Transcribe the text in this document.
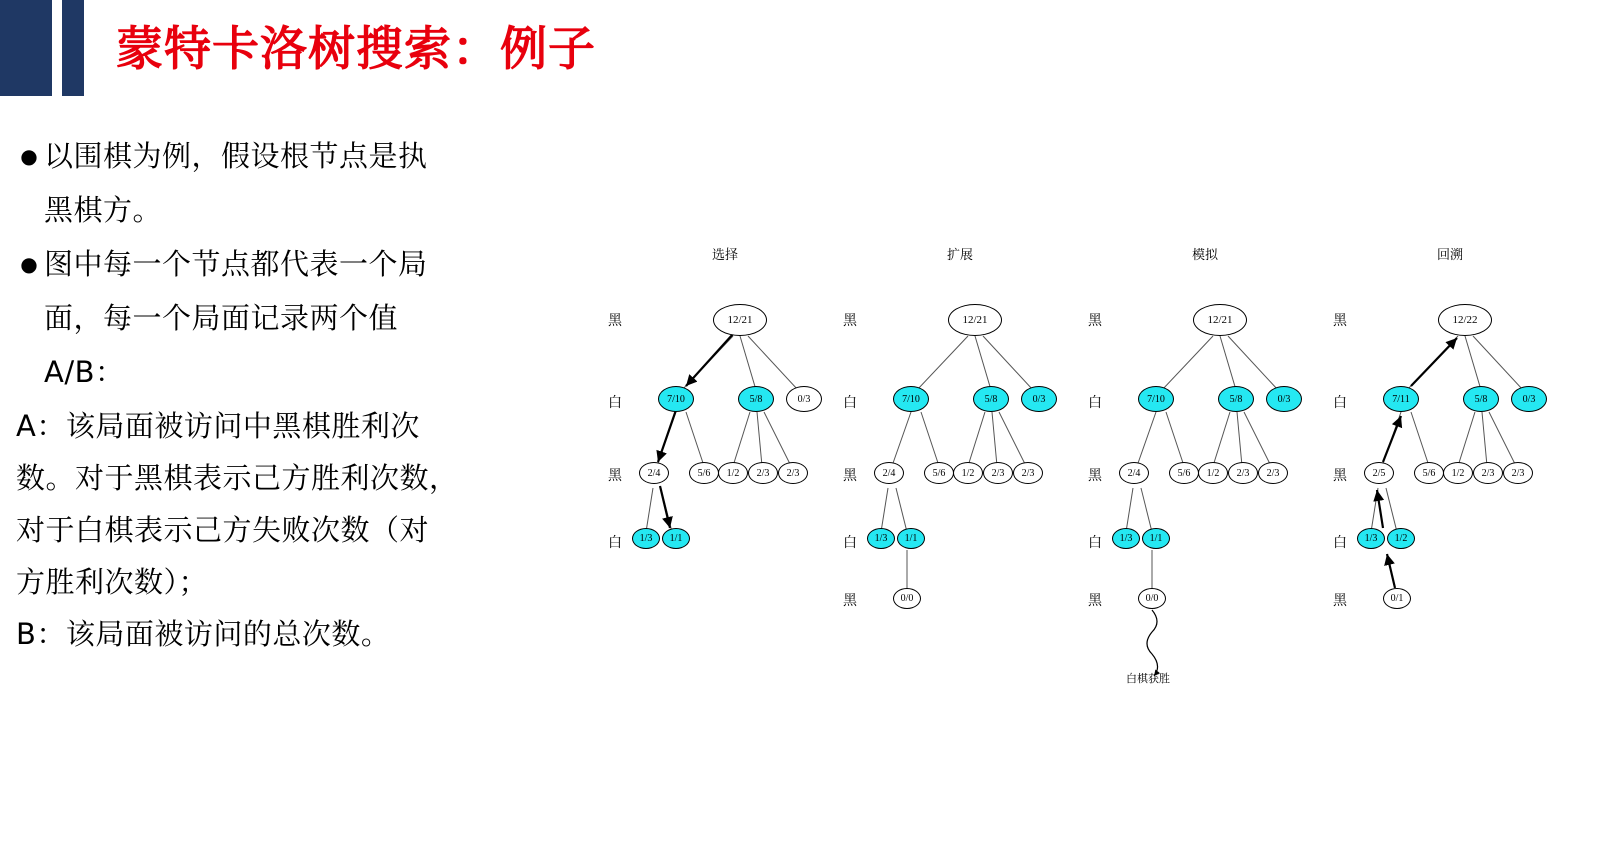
蒙特卡洛树搜索：例子
● 以围棋为例，假设根节点是执
黑棋方。
● 图中每一个节点都代表一个局
面，每一个局面记录两个值
A/B：
A：该局面被访问中黑棋胜利次
数。对于黑棋表示己方胜利次数，
对于白棋表示己方失败次数（对
方胜利次数）；
B：该局面被访问的总次数。
选择
黑
白
黑
白
12/21
7/10	5/8	0/3
2/4	5/6	1/2	2/3	2/3
1/3	1/1
扩展
黑
白
黑
白
黑
12/21
7/10	5/8	0/3
2/4	5/6	1/2	2/3	2/3
1/3	1/1
0/0
模拟
黑
白
黑
白
黑
12/21
7/10	5/8	0/3
2/4	5/6	1/2	2/3	2/3
1/3	1/1
0/0
白棋获胜
回溯
黑
白
黑
白
黑
12/22
7/11	5/8	0/3
2/5	5/6	1/2	2/3	2/3
1/3	1/2
0/1
